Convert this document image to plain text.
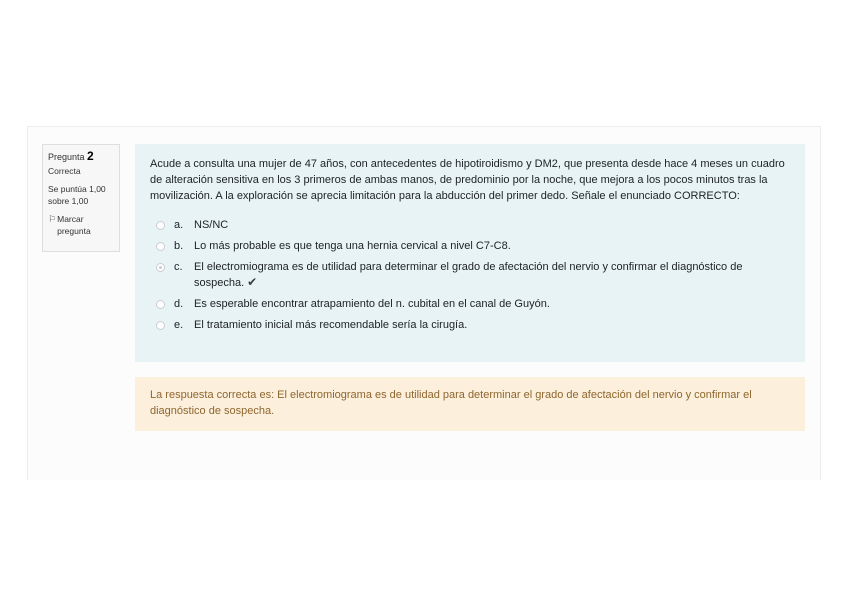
Pregunta 2
Correcta
Se puntúa 1,00 sobre 1,00
⚐ Marcar pregunta
Acude a consulta una mujer de 47 años, con antecedentes de hipotiroidismo y DM2, que presenta desde hace 4 meses un cuadro de alteración sensitiva en los 3 primeros de ambas manos, de predominio por la noche, que mejora a los pocos minutos tras la movilización. A la exploración se aprecia limitación para la abducción del primer dedo. Señale el enunciado CORRECTO:
a. NS/NC
b. Lo más probable es que tenga una hernia cervical a nivel C7-C8.
c.	El electromiograma es de utilidad para determinar el grado de afectación del nervio y confirmar el diagnóstico de sospecha. ✔
d. Es esperable encontrar atrapamiento del n. cubital en el canal de Guyón.
e. El tratamiento inicial más recomendable sería la cirugía.
La respuesta correcta es: El electromiograma es de utilidad para determinar el grado de afectación del nervio y confirmar el diagnóstico de sospecha.
